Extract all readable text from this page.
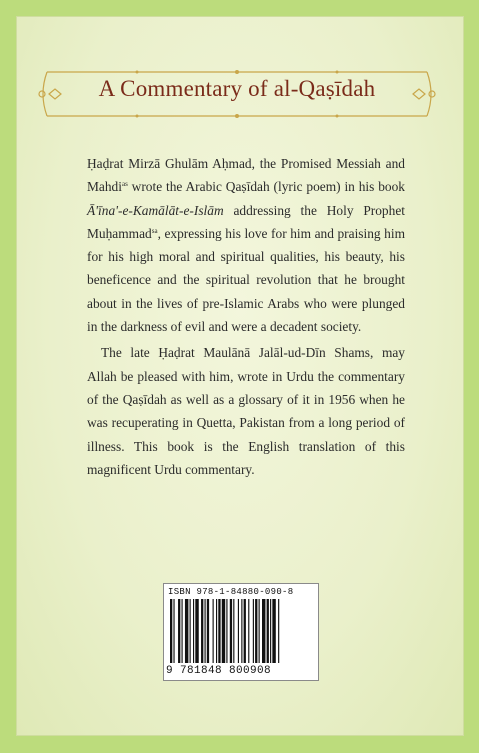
A Commentary of al-Qaṣīdah

Ḥaḍrat Mirzā Ghulām Aḥmad, the Promised Messiah and Mahdi$^{as}$ wrote the Arabic Qaṣīdah (lyric poem) in his book Ā'īna'-e-Kamālāt-e-Islām addressing the Holy Prophet Muḥammad$^{sa}$, expressing his love for him and praising him for his high moral and spiritual qualities, his beauty, his beneficence and the spiritual revolution that he brought about in the lives of pre-Islamic Arabs who were plunged in the darkness of evil and were a decadent society.

The late Ḥaḍrat Maulānā Jalāl-ud-Dīn Shams, may Allah be pleased with him, wrote in Urdu the commentary of the Qaṣīdah as well as a glossary of it in 1956 when he was recuperating in Quetta, Pakistan from a long period of illness. This book is the English translation of this magnificent Urdu commentary.

ISBN 978-1-84880-090-8
9 781848 800908
